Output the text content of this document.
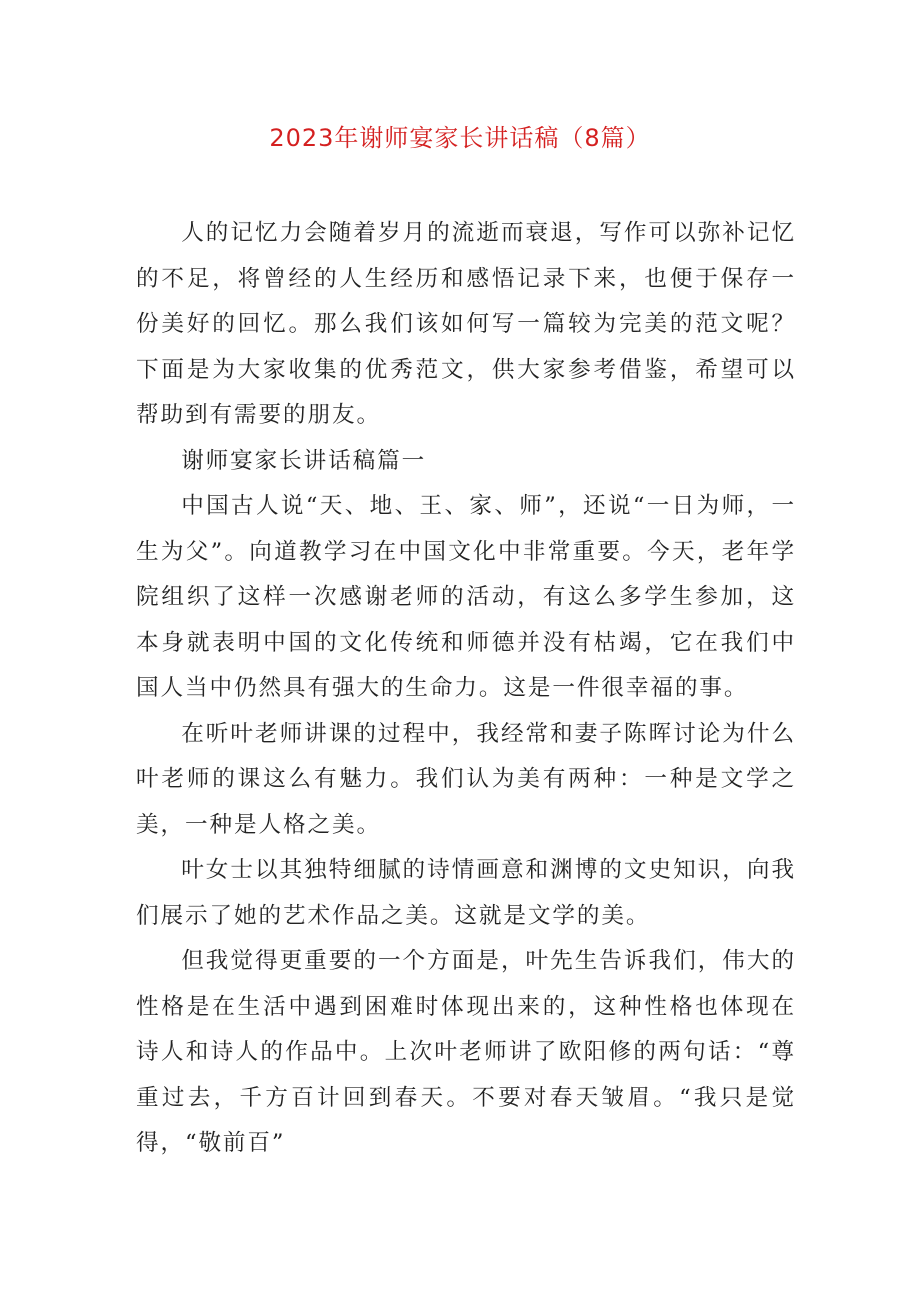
2023年谢师宴家长讲话稿（8篇）

人的记忆力会随着岁月的流逝而衰退，写作可以弥补记忆的不足，将曾经的人生经历和感悟记录下来，也便于保存一份美好的回忆。那么我们该如何写一篇较为完美的范文呢？下面是为大家收集的优秀范文，供大家参考借鉴，希望可以帮助到有需要的朋友。

谢师宴家长讲话稿篇一

中国古人说“天、地、王、家、师”，还说“一日为师，一生为父”。向道教学习在中国文化中非常重要。今天，老年学院组织了这样一次感谢老师的活动，有这么多学生参加，这本身就表明中国的文化传统和师德并没有枯竭，它在我们中国人当中仍然具有强大的生命力。这是一件很幸福的事。

在听叶老师讲课的过程中，我经常和妻子陈晖讨论为什么叶老师的课这么有魅力。我们认为美有两种：一种是文学之美，一种是人格之美。

叶女士以其独特细腻的诗情画意和渊博的文史知识，向我们展示了她的艺术作品之美。这就是文学的美。

但我觉得更重要的一个方面是，叶先生告诉我们，伟大的性格是在生活中遇到困难时体现出来的，这种性格也体现在诗人和诗人的作品中。上次叶老师讲了欧阳修的两句话：“尊重过去，千方百计回到春天。不要对春天皱眉。“我只是觉得，“敬前百”
